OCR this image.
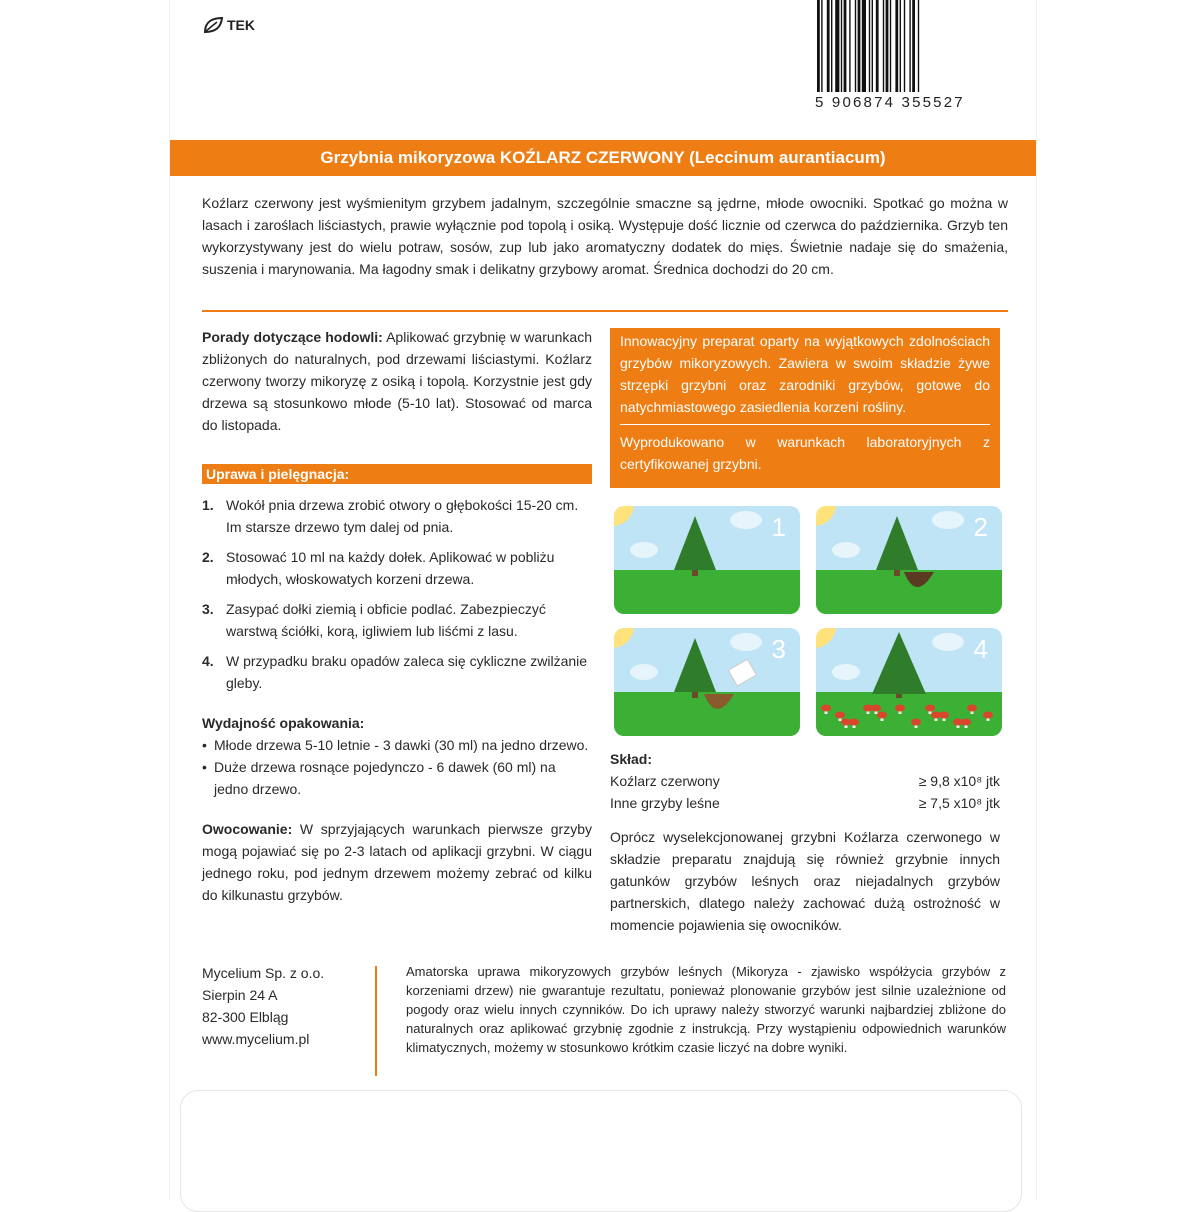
TEK
5 906874 355527
Grzybnia mikoryzowa KOŹLARZ CZERWONY (Leccinum aurantiacum)
Koźlarz czerwony jest wyśmienitym grzybem jadalnym, szczególnie smaczne są jędrne, młode owocniki. Spotkać go można w lasach i zaroślach liściastych, prawie wyłącznie pod topolą i osiką. Występuje dość licznie od czerwca do października. Grzyb ten wykorzystywany jest do wielu potraw, sosów, zup lub jako aromatyczny dodatek do mięs. Świetnie nadaje się do smażenia, suszenia i marynowania. Ma łagodny smak i delikatny grzybowy aromat. Średnica dochodzi do 20 cm.

Porady dotyczące hodowli: Aplikować grzybnię w warunkach zbliżonych do naturalnych, pod drzewami liściastymi. Koźlarz czerwony tworzy mikoryzę z osiką i topolą. Korzystnie jest gdy drzewa są stosunkowo młode (5-10 lat). Stosować od marca do listopada.

Uprawa i pielęgnacja:
1. Wokół pnia drzewa zrobić otwory o głębokości 15-20 cm. Im starsze drzewo tym dalej od pnia.
2. Stosować 10 ml na każdy dołek. Aplikować w pobliżu młodych, włoskowatych korzeni drzewa.
3. Zasypać dołki ziemią i obficie podlać. Zabezpieczyć warstwą ściółki, korą, igliwiem lub liśćmi z lasu.
4. W przypadku braku opadów zaleca się cykliczne zwilżanie gleby.
Wydajność opakowania:
• Młode drzewa 5-10 letnie - 3 dawki (30 ml) na jedno drzewo.
• Duże drzewa rosnące pojedynczo - 6 dawek (60 ml) na jedno drzewo.

Owocowanie: W sprzyjających warunkach pierwsze grzyby mogą pojawiać się po 2-3 latach od aplikacji grzybni. W ciągu jednego roku, pod jednym drzewem możemy zebrać od kilku do kilkunastu grzybów.

Innowacyjny preparat oparty na wyjątkowych zdolnościach grzybów mikoryzowych. Zawiera w swoim składzie żywe strzępki grzybni oraz zarodniki grzybów, gotowe do natychmiastowego zasiedlenia korzeni rośliny.

Wyprodukowano w warunkach laboratoryjnych z certyfikowanej grzybni.

1	2
3	4
Skład:
Koźlarz czerwony	≥ 9,8 x10⁸ jtk
Inne grzyby leśne	≥ 7,5 x10⁸ jtk
Oprócz wyselekcjonowanej grzybni Koźlarza czerwonego w składzie preparatu znajdują się również grzybnie innych gatunków grzybów leśnych oraz niejadalnych grzybów partnerskich, dlatego należy zachować dużą ostrożność w momencie pojawienia się owocników.
Mycelium Sp. z o.o.
Sierpin 24 A
82-300 Elbląg
www.mycelium.pl
Amatorska uprawa mikoryzowych grzybów leśnych (Mikoryza - zjawisko współżycia grzybów z korzeniami drzew) nie gwarantuje rezultatu, ponieważ plonowanie grzybów jest silnie uzależnione od pogody oraz wielu innych czynników. Do ich uprawy należy stworzyć warunki najbardziej zbliżone do naturalnych oraz aplikować grzybnię zgodnie z instrukcją. Przy wystąpieniu odpowiednich warunków klimatycznych, możemy w stosunkowo krótkim czasie liczyć na dobre wyniki.
